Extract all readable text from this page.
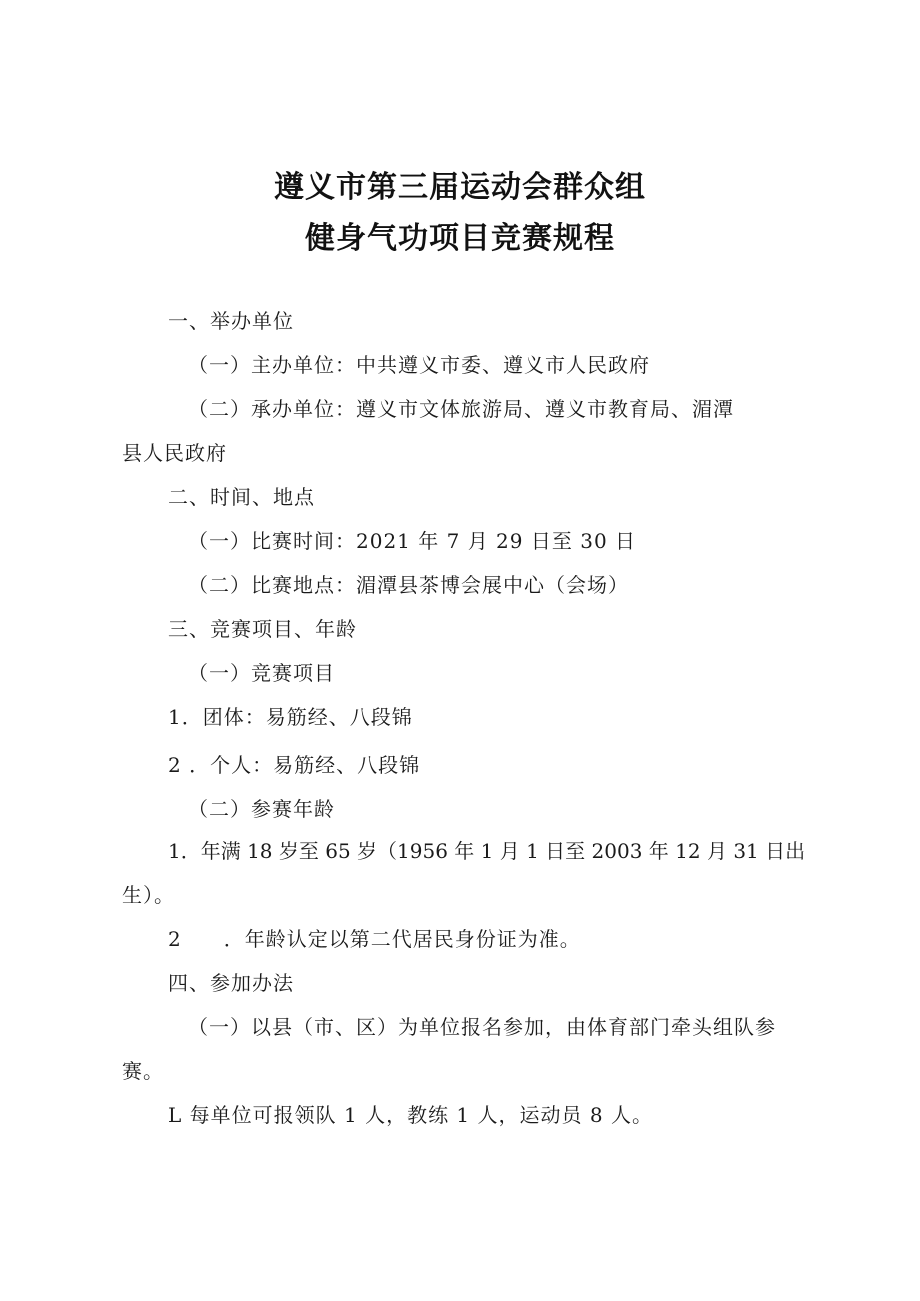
遵义市第三届运动会群众组
健身气功项目竞赛规程
一、举办单位
（一）主办单位：中共遵义市委、遵义市人民政府
（二）承办单位：遵义市文体旅游局、遵义市教育局、湄潭
县人民政府
二、时间、地点
（一）比赛时间：2021 年 7 月 29 日至 30 日
（二）比赛地点：湄潭县茶博会展中心（会场）
三、竞赛项目、年龄
（一）竞赛项目
1．团体：易筋经、八段锦
2 ．个人：易筋经、八段锦
（二）参赛年龄
1．年满 18 岁至 65 岁（1956 年 1 月 1 日至 2003 年 12 月 31 日出
生）。
2　　．年龄认定以第二代居民身份证为准。
四、参加办法
（一）以县（市、区）为单位报名参加，由体育部门牵头组队参
赛。
L 每单位可报领队 1 人，教练 1 人，运动员 8 人。
